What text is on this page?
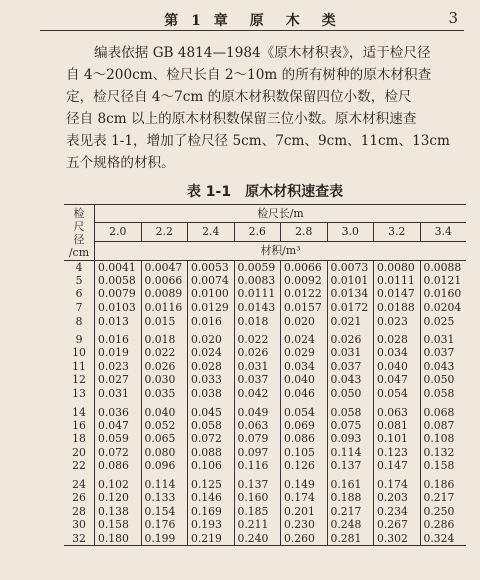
第 1 章　原　木　类	3

编表依据 GB 4814—1984《原木材积表》，适于检尺径
自 4～200cm、检尺长自 2～10m 的所有树种的原木材积查
定，检尺径自 4～7cm 的原木材积数保留四位小数，检尺
径自 8cm 以上的原木材积数保留三位小数。原木材积速查
表见表 1-1，增加了检尺径 5cm、7cm、9cm、11cm、13cm
五个规格的材积。

表 1-1　原木材积速查表
检
尺
径
/cm	检尺长/m							
	2.0	2.2	2.4	2.6	2.8	3.0	3.2	3.4
	材积/m³							
4	0.0041	0.0047	0.0053	0.0059	0.0066	0.0073	0.0080	0.0088
5	0.0058	0.0066	0.0074	0.0083	0.0092	0.0101	0.0111	0.0121
6	0.0079	0.0089	0.0100	0.0111	0.0122	0.0134	0.0147	0.0160
7	0.0103	0.0116	0.0129	0.0143	0.0157	0.0172	0.0188	0.0204
8	0.013	0.015	0.016	0.018	0.020	0.021	0.023	0.025
9	0.016	0.018	0.020	0.022	0.024	0.026	0.028	0.031
10	0.019	0.022	0.024	0.026	0.029	0.031	0.034	0.037
11	0.023	0.026	0.028	0.031	0.034	0.037	0.040	0.043
12	0.027	0.030	0.033	0.037	0.040	0.043	0.047	0.050
13	0.031	0.035	0.038	0.042	0.046	0.050	0.054	0.058
14	0.036	0.040	0.045	0.049	0.054	0.058	0.063	0.068
16	0.047	0.052	0.058	0.063	0.069	0.075	0.081	0.087
18	0.059	0.065	0.072	0.079	0.086	0.093	0.101	0.108
20	0.072	0.080	0.088	0.097	0.105	0.114	0.123	0.132
22	0.086	0.096	0.106	0.116	0.126	0.137	0.147	0.158
24	0.102	0.114	0.125	0.137	0.149	0.161	0.174	0.186
26	0.120	0.133	0.146	0.160	0.174	0.188	0.203	0.217
28	0.138	0.154	0.169	0.185	0.201	0.217	0.234	0.250
30	0.158	0.176	0.193	0.211	0.230	0.248	0.267	0.286
32	0.180	0.199	0.219	0.240	0.260	0.281	0.302	0.324
